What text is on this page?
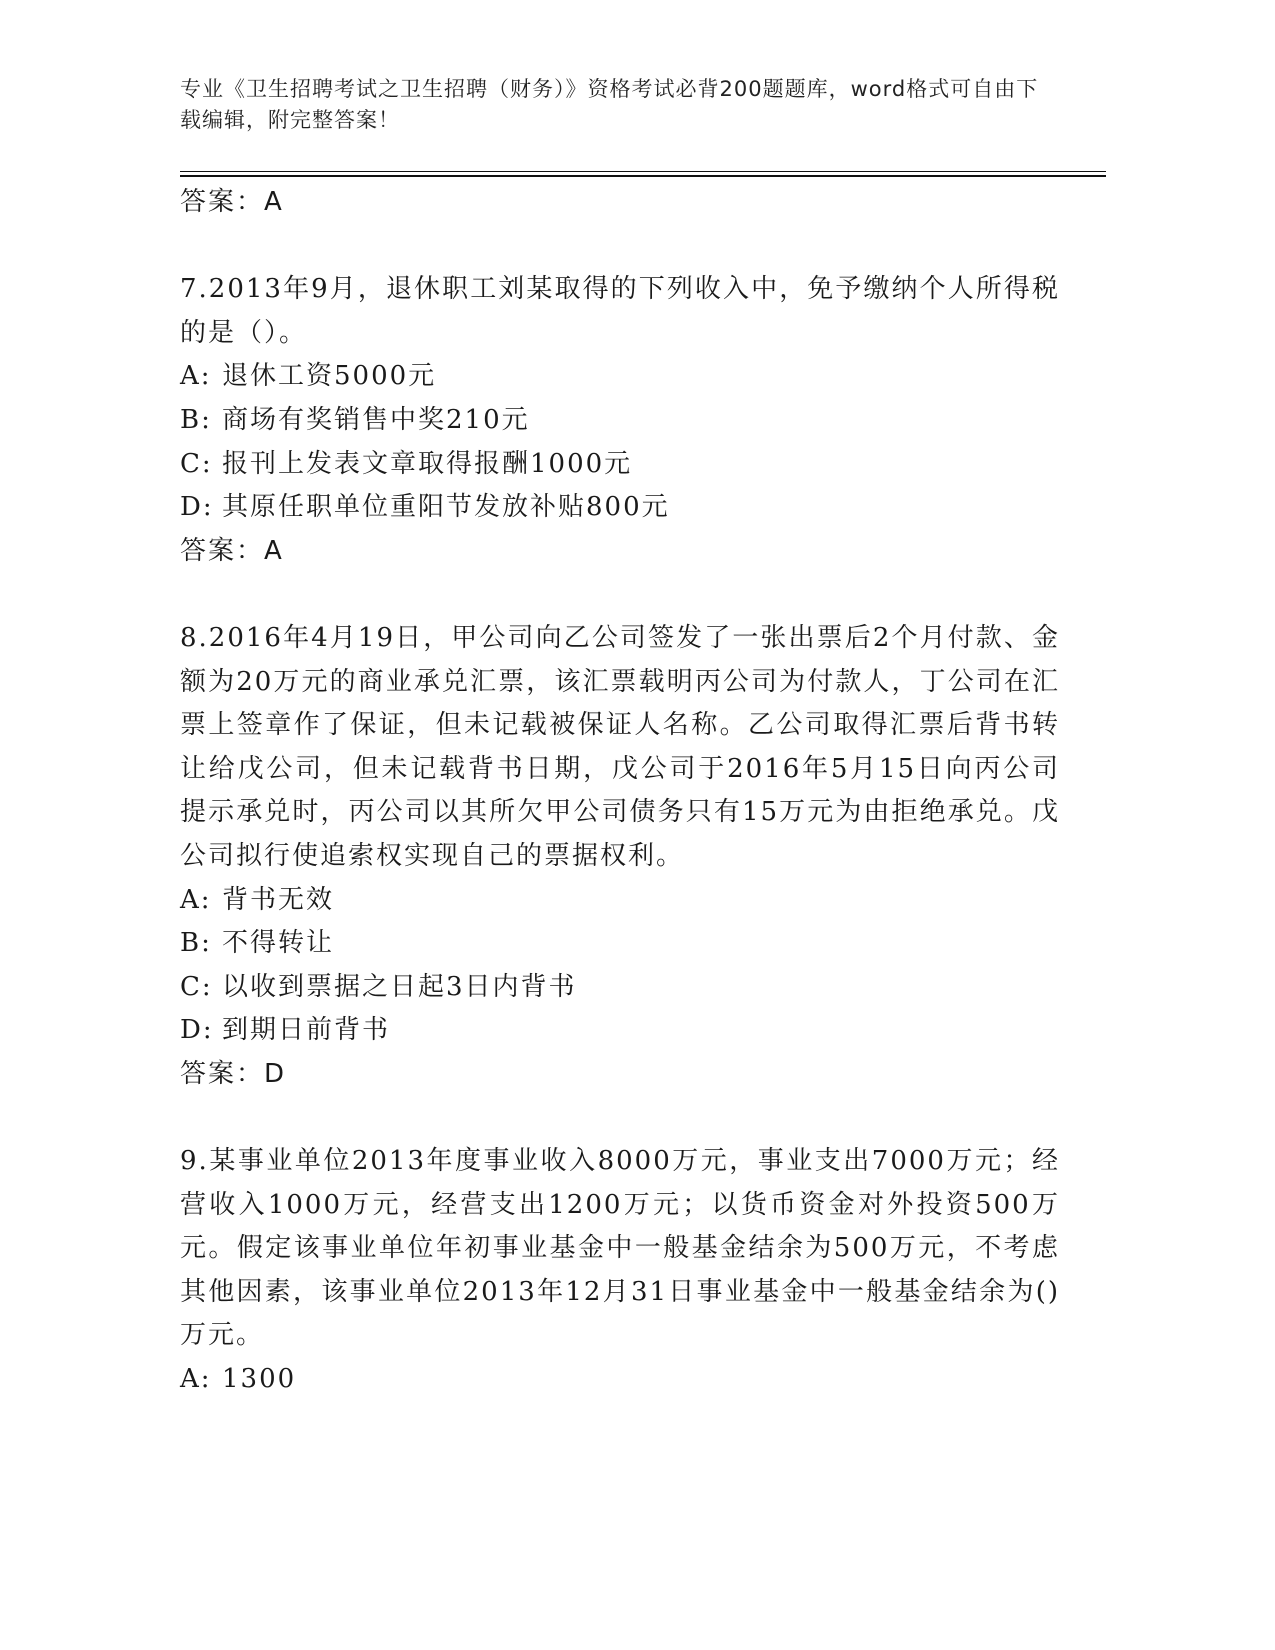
专业《卫生招聘考试之卫生招聘（财务）》资格考试必背200题题库，word格式可自由下载编辑，附完整答案！
答案：A
7.2013年9月，退休职工刘某取得的下列收入中，免予缴纳个人所得税的是（）。
A: 退休工资5000元
B: 商场有奖销售中奖210元
C: 报刊上发表文章取得报酬1000元
D: 其原任职单位重阳节发放补贴800元
答案：A
8.2016年4月19日，甲公司向乙公司签发了一张出票后2个月付款、金额为20万元的商业承兑汇票，该汇票载明丙公司为付款人，丁公司在汇票上签章作了保证，但未记载被保证人名称。乙公司取得汇票后背书转让给戊公司，但未记载背书日期，戊公司于2016年5月15日向丙公司提示承兑时，丙公司以其所欠甲公司债务只有15万元为由拒绝承兑。戊公司拟行使追索权实现自己的票据权利。
A: 背书无效
B: 不得转让
C: 以收到票据之日起3日内背书
D: 到期日前背书
答案：D
9.某事业单位2013年度事业收入8000万元，事业支出7000万元；经营收入1000万元，经营支出1200万元；以货币资金对外投资500万元。假定该事业单位年初事业基金中一般基金结余为500万元，不考虑其他因素，该事业单位2013年12月31日事业基金中一般基金结余为()万元。
A: 1300
